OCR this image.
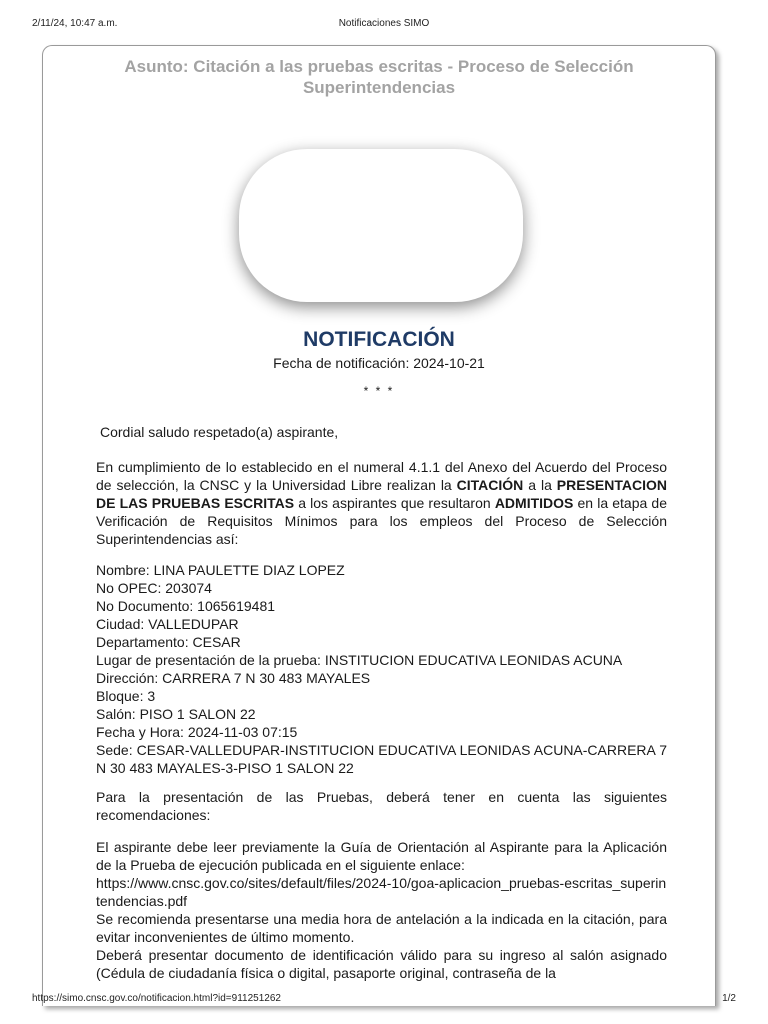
2/11/24, 10:47 a.m.	Notificaciones SIMO
Asunto: Citación a las pruebas escritas - Proceso de Selección Superintendencias
NOTIFICACIÓN
Fecha de notificación: 2024-10-21
* * *
Cordial saludo respetado(a) aspirante,
En cumplimiento de lo establecido en el numeral 4.1.1 del Anexo del Acuerdo del Proceso de selección, la CNSC y la Universidad Libre realizan la CITACIÓN a la PRESENTACION DE LAS PRUEBAS ESCRITAS a los aspirantes que resultaron ADMITIDOS en la etapa de Verificación de Requisitos Mínimos para los empleos del Proceso de Selección Superintendencias así:
Nombre: LINA PAULETTE DIAZ LOPEZ
No OPEC: 203074
No Documento: 1065619481
Ciudad: VALLEDUPAR
Departamento: CESAR
Lugar de presentación de la prueba: INSTITUCION EDUCATIVA LEONIDAS ACUNA
Dirección: CARRERA 7 N 30 483 MAYALES
Bloque: 3
Salón: PISO 1 SALON 22
Fecha y Hora: 2024-11-03 07:15
Sede: CESAR-VALLEDUPAR-INSTITUCION EDUCATIVA LEONIDAS ACUNA-CARRERA 7 N 30 483 MAYALES-3-PISO 1 SALON 22
Para la presentación de las Pruebas, deberá tener en cuenta las siguientes recomendaciones:
El aspirante debe leer previamente la Guía de Orientación al Aspirante para la Aplicación de la Prueba de ejecución publicada en el siguiente enlace:
https://www.cnsc.gov.co/sites/default/files/2024-10/goa-aplicacion_pruebas-escritas_superintendencias.pdf
Se recomienda presentarse una media hora de antelación a la indicada en la citación, para evitar inconvenientes de último momento.
Deberá presentar documento de identificación válido para su ingreso al salón asignado (Cédula de ciudadanía física o digital, pasaporte original, contraseña de la
https://simo.cnsc.gov.co/notificacion.html?id=911251262	1/2
